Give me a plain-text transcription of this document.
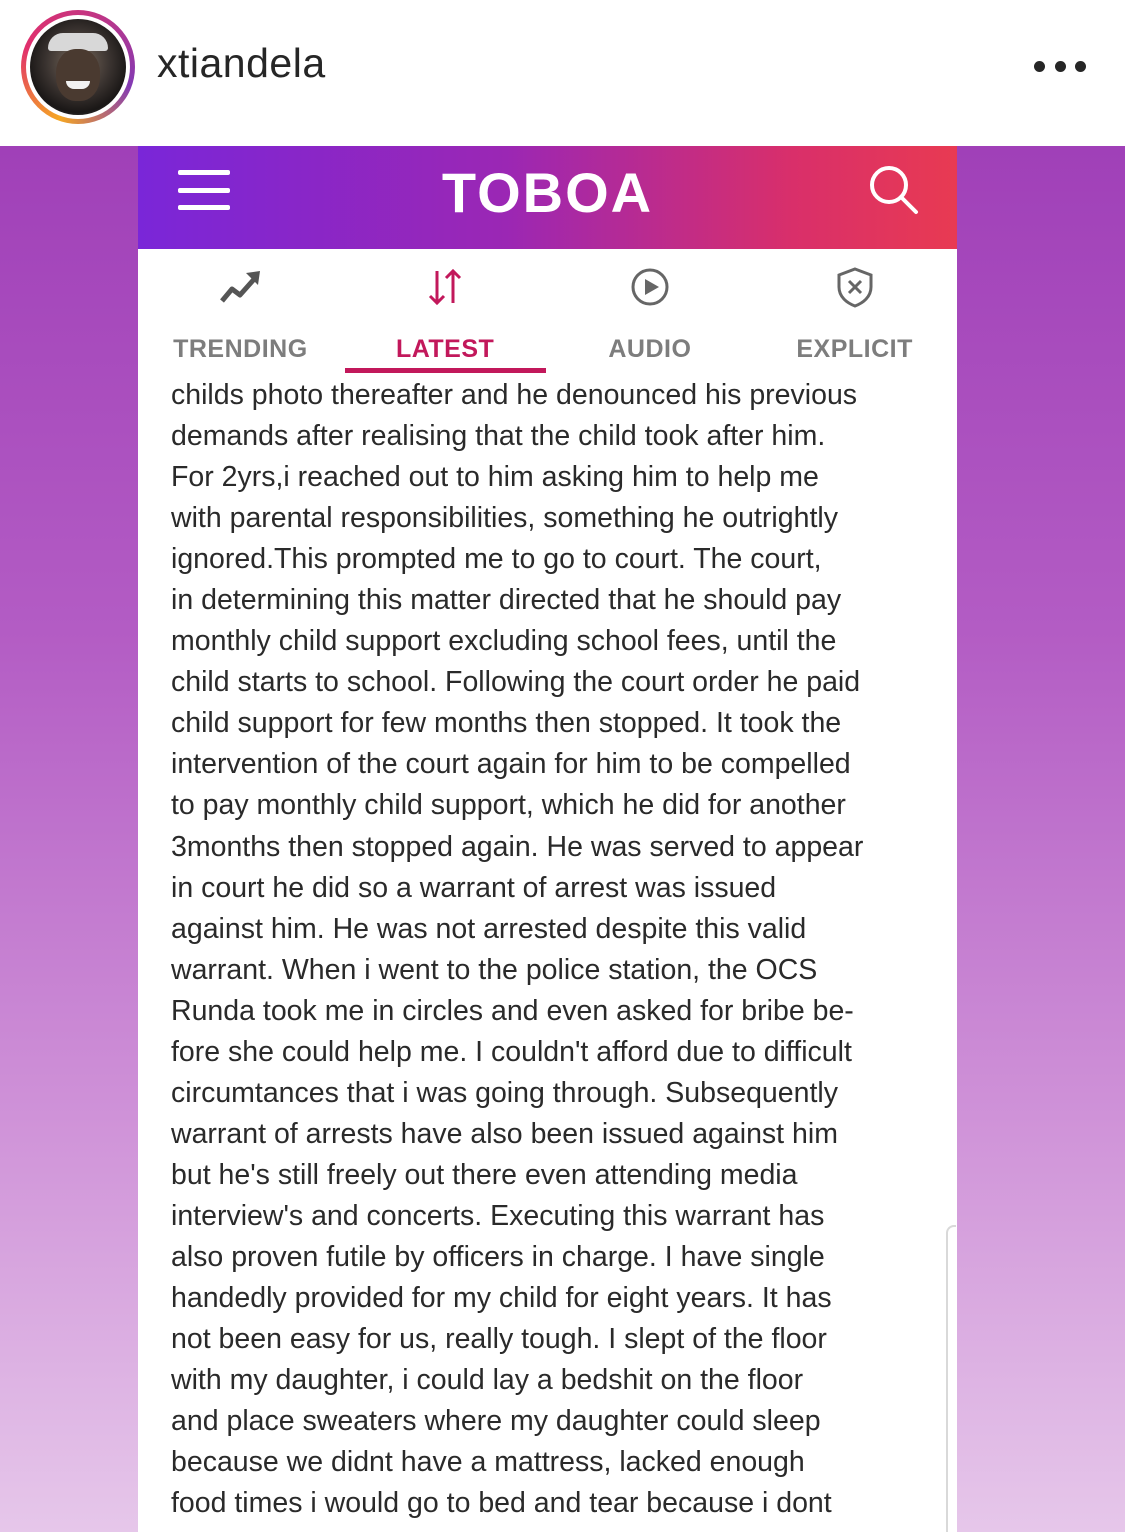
xtiandela
TOBOA
TRENDING	LATEST	AUDIO	EXPLICIT
childs photo thereafter and he denounced his previous
demands after realising that the child took after him.
For 2yrs,i reached out to him asking him to help me
with parental responsibilities, something he outrightly
ignored.This prompted me to go to court. The court,
in determining this matter directed that he should pay
monthly child support excluding school fees, until the
child starts to school. Following the court order he paid
child support for few months then stopped. It took the
intervention of the court again for him to be compelled
to pay monthly child support, which he did for another
3months then stopped again. He was served to appear
in court he did so a warrant of arrest was issued
against him. He was not arrested despite this valid
warrant. When i went to the police station, the OCS
Runda took me in circles and even asked for bribe be-
fore she could help me. I couldn't afford due to difficult
circumtances that i was going through. Subsequently
warrant of arrests have also been issued against him
but he's still freely out there even attending media
interview's and concerts. Executing this warrant has
also proven futile by officers in charge. I have single
handedly provided for my child for eight years. It has
not been easy for us, really tough. I slept of the floor
with my daughter, i could lay a bedshit on the floor
and place sweaters where my daughter could sleep
because we didnt have a mattress, lacked enough
food times i would go to bed and tear because i dont
